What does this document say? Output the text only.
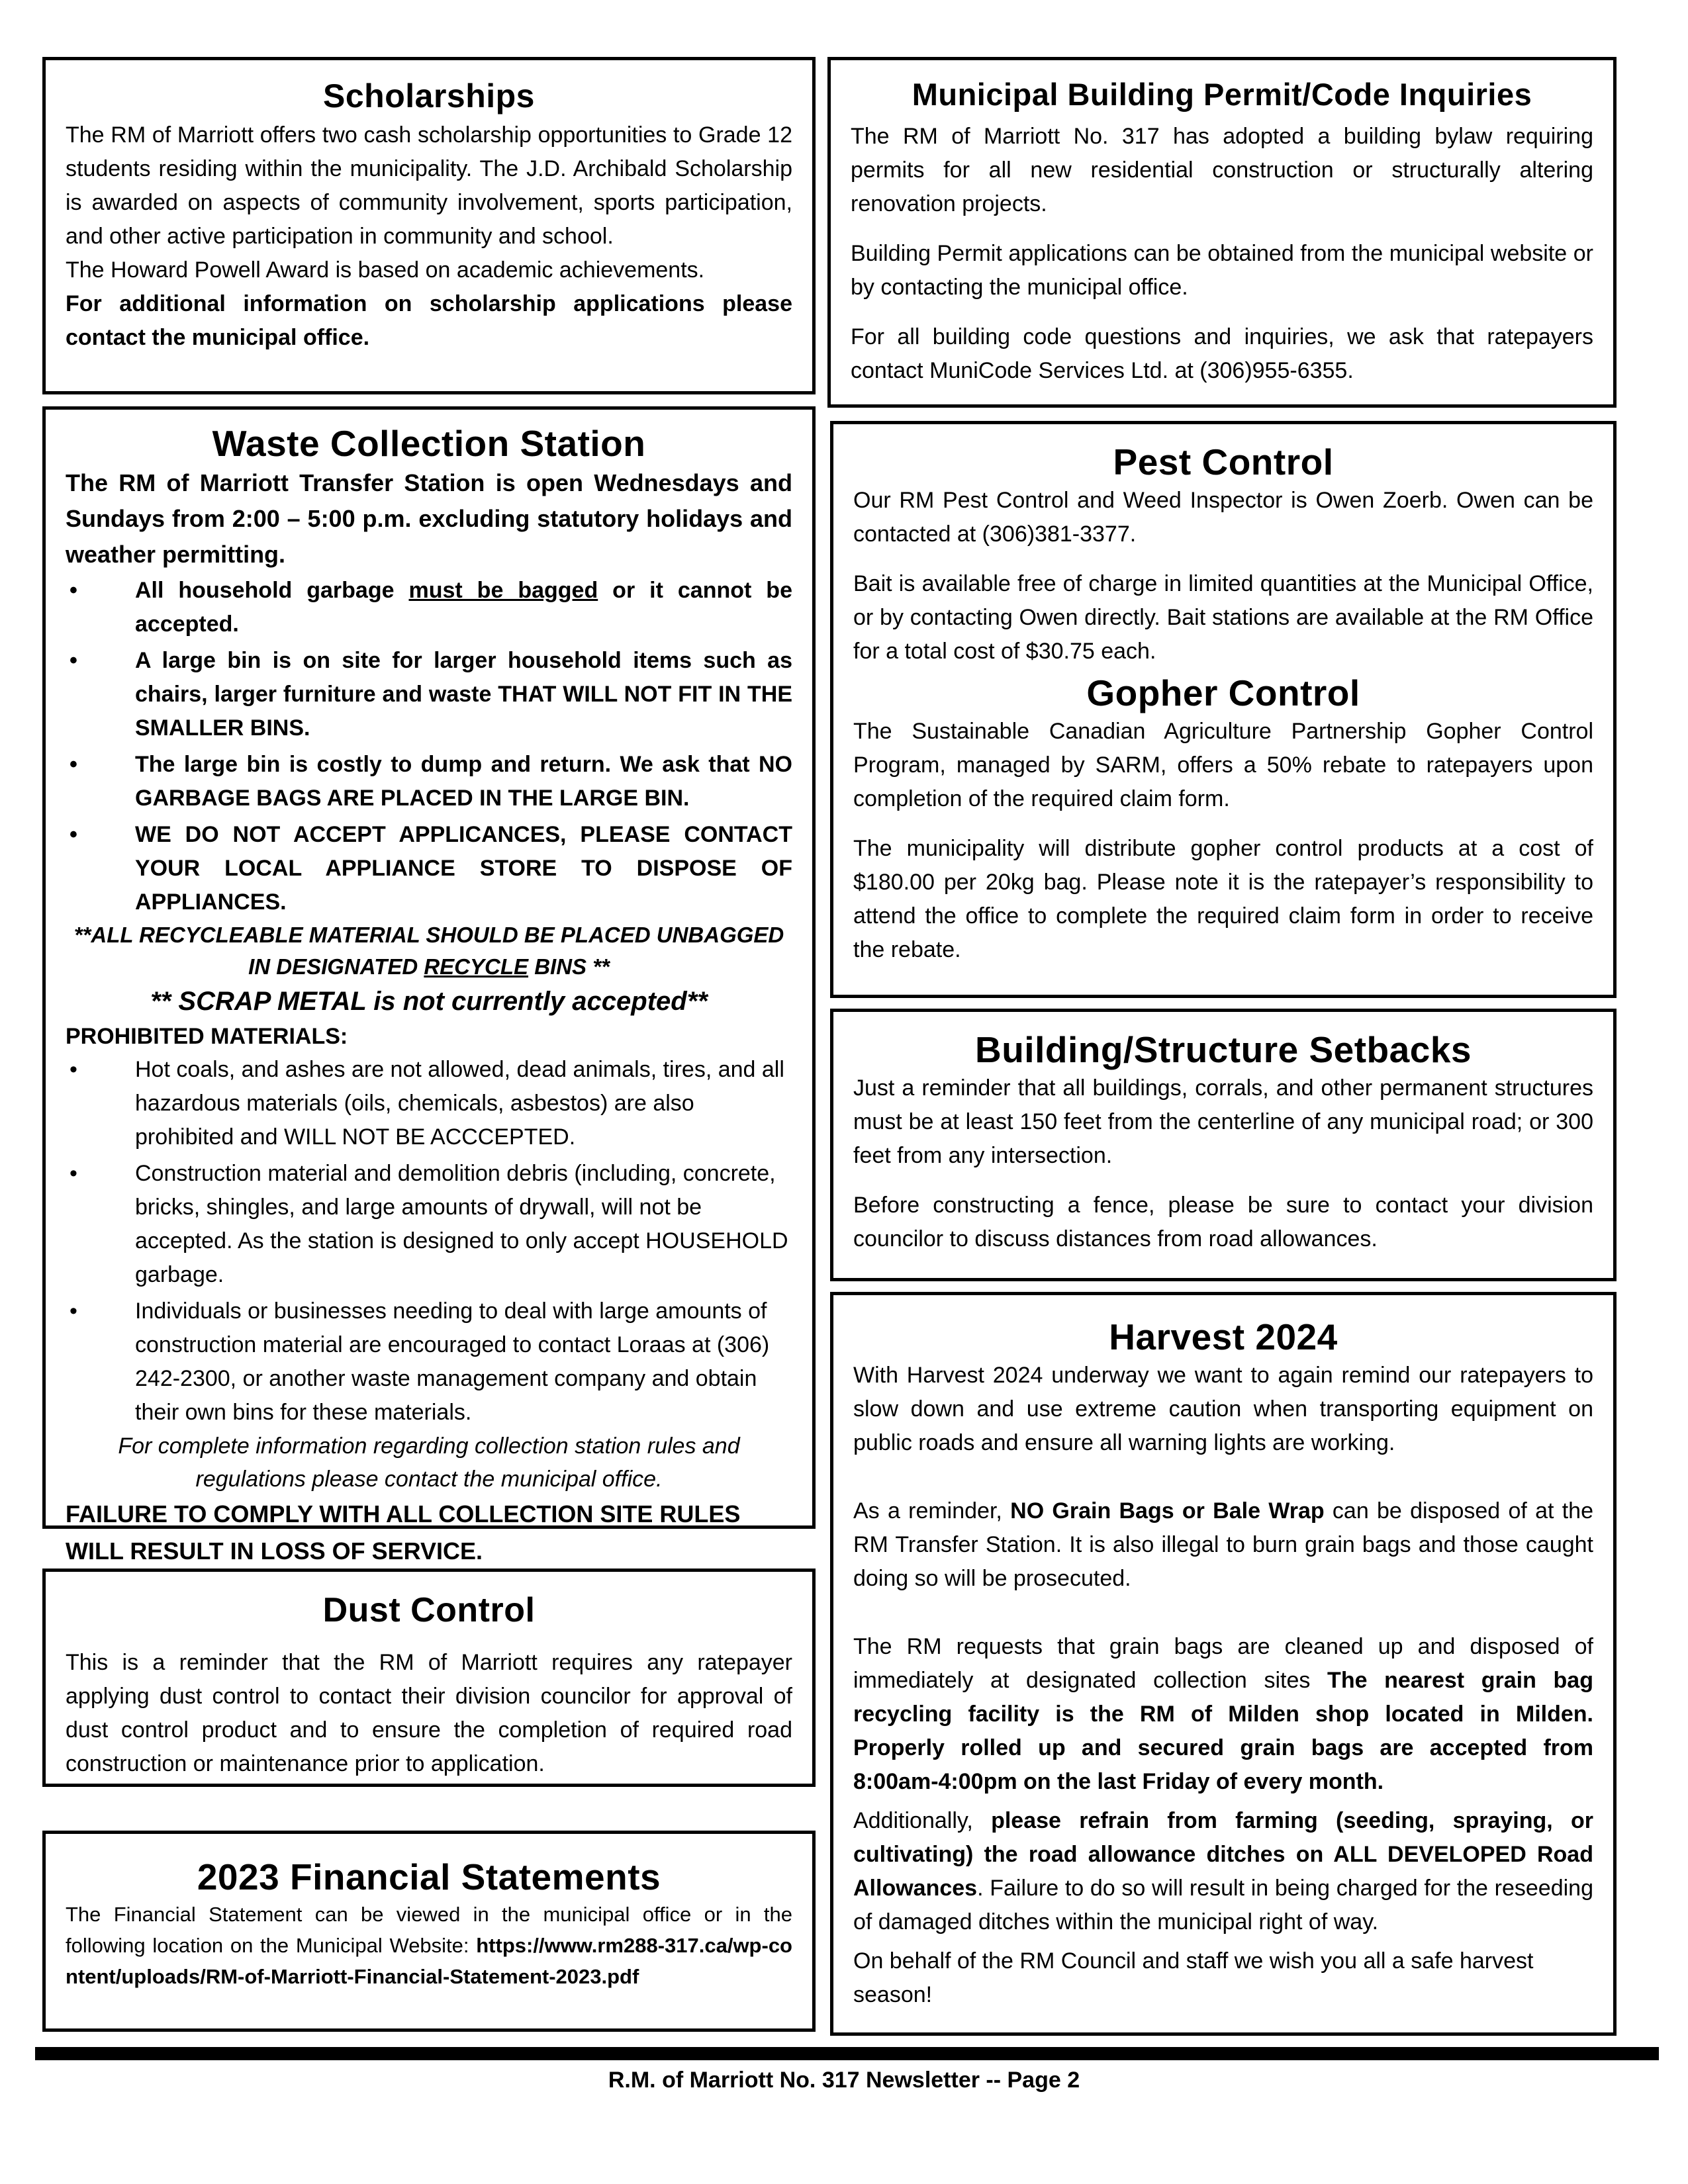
Scholarships

The RM of Marriott offers two cash scholarship opportunities to Grade 12 students residing within the municipality. The J.D. Archibald Scholarship is awarded on aspects of community involvement, sports participation, and other active participation in community and school.

The Howard Powell Award is based on academic achievements.

For additional information on scholarship applications please contact the municipal office.

Municipal Building Permit/Code Inquiries

The RM of Marriott No. 317 has adopted a building bylaw requiring permits for all new residential construction or structurally altering renovation projects.

Building Permit applications can be obtained from the municipal website or by contacting the municipal office.

For all building code questions and inquiries, we ask that ratepayers contact MuniCode Services Ltd. at (306)955-6355.

Waste Collection Station

The RM of Marriott Transfer Station is open Wednesdays and Sundays from 2:00 – 5:00 p.m. excluding statutory holidays and weather permitting.

•	All household garbage must be bagged or it cannot be accepted.
•	A large bin is on site for larger household items such as chairs, larger furniture and waste THAT WILL NOT FIT IN THE SMALLER BINS.
•	The large bin is costly to dump and return. We ask that NO GARBAGE BAGS ARE PLACED IN THE LARGE BIN.
•	WE DO NOT ACCEPT APPLICANCES, PLEASE CONTACT YOUR LOCAL APPLIANCE STORE TO DISPOSE OF APPLIANCES.

**ALL RECYCLEABLE MATERIAL SHOULD BE PLACED UNBAGGED IN DESIGNATED RECYCLE BINS **

** SCRAP METAL is not currently accepted**

PROHIBITED MATERIALS:

•	Hot coals, and ashes are not allowed, dead animals, tires, and all hazardous materials (oils, chemicals, asbestos) are also prohibited and WILL NOT BE ACCCEPTED.
•	Construction material and demolition debris (including, concrete, bricks, shingles, and large amounts of drywall, will not be accepted. As the station is designed to only accept HOUSEHOLD garbage.
•	Individuals or businesses needing to deal with large amounts of construction material are encouraged to contact Loraas at (306) 242-2300, or another waste management company and obtain their own bins for these materials.

For complete information regarding collection station rules and regulations please contact the municipal office.

FAILURE TO COMPLY WITH ALL COLLECTION SITE RULES WILL RESULT IN LOSS OF SERVICE.

Pest Control

Our RM Pest Control and Weed Inspector is Owen Zoerb. Owen can be contacted at (306)381-3377.

Bait is available free of charge in limited quantities at the Municipal Office, or by contacting Owen directly. Bait stations are available at the RM Office for a total cost of $30.75 each.

Gopher Control

The Sustainable Canadian Agriculture Partnership Gopher Control Program, managed by SARM, offers a 50% rebate to ratepayers upon completion of the required claim form.

The municipality will distribute gopher control products at a cost of $180.00 per 20kg bag. Please note it is the ratepayer’s responsibility to attend the office to complete the required claim form in order to receive the rebate.

Building/Structure Setbacks

Just a reminder that all buildings, corrals, and other permanent structures must be at least 150 feet from the centerline of any municipal road; or 300 feet from any intersection.

Before constructing a fence, please be sure to contact your division councilor to discuss distances from road allowances.

Dust Control

This is a reminder that the RM of Marriott requires any ratepayer applying dust control to contact their division councilor for approval of dust control product and to ensure the completion of required road construction or maintenance prior to application.

Harvest 2024

With Harvest 2024 underway we want to again remind our ratepayers to slow down and use extreme caution when transporting equipment on public roads and ensure all warning lights are working.

As a reminder, NO Grain Bags or Bale Wrap can be disposed of at the RM Transfer Station. It is also illegal to burn grain bags and those caught doing so will be prosecuted.

The RM requests that grain bags are cleaned up and disposed of immediately at designated collection sites The nearest grain bag recycling facility is the RM of Milden shop located in Milden. Properly rolled up and secured grain bags are accepted from 8:00am-4:00pm on the last Friday of every month.

Additionally, please refrain from farming (seeding, spraying, or cultivating) the road allowance ditches on ALL DEVELOPED Road Allowances. Failure to do so will result in being charged for the reseeding of damaged ditches within the municipal right of way.

On behalf of the RM Council and staff we wish you all a safe harvest season!

2023 Financial Statements

The Financial Statement can be viewed in the municipal office or in the following location on the Municipal Website: https://www.rm288-317.ca/wp-content/uploads/RM-of-Marriott-Financial-Statement-2023.pdf

R.M. of Marriott No. 317 Newsletter -- Page 2
